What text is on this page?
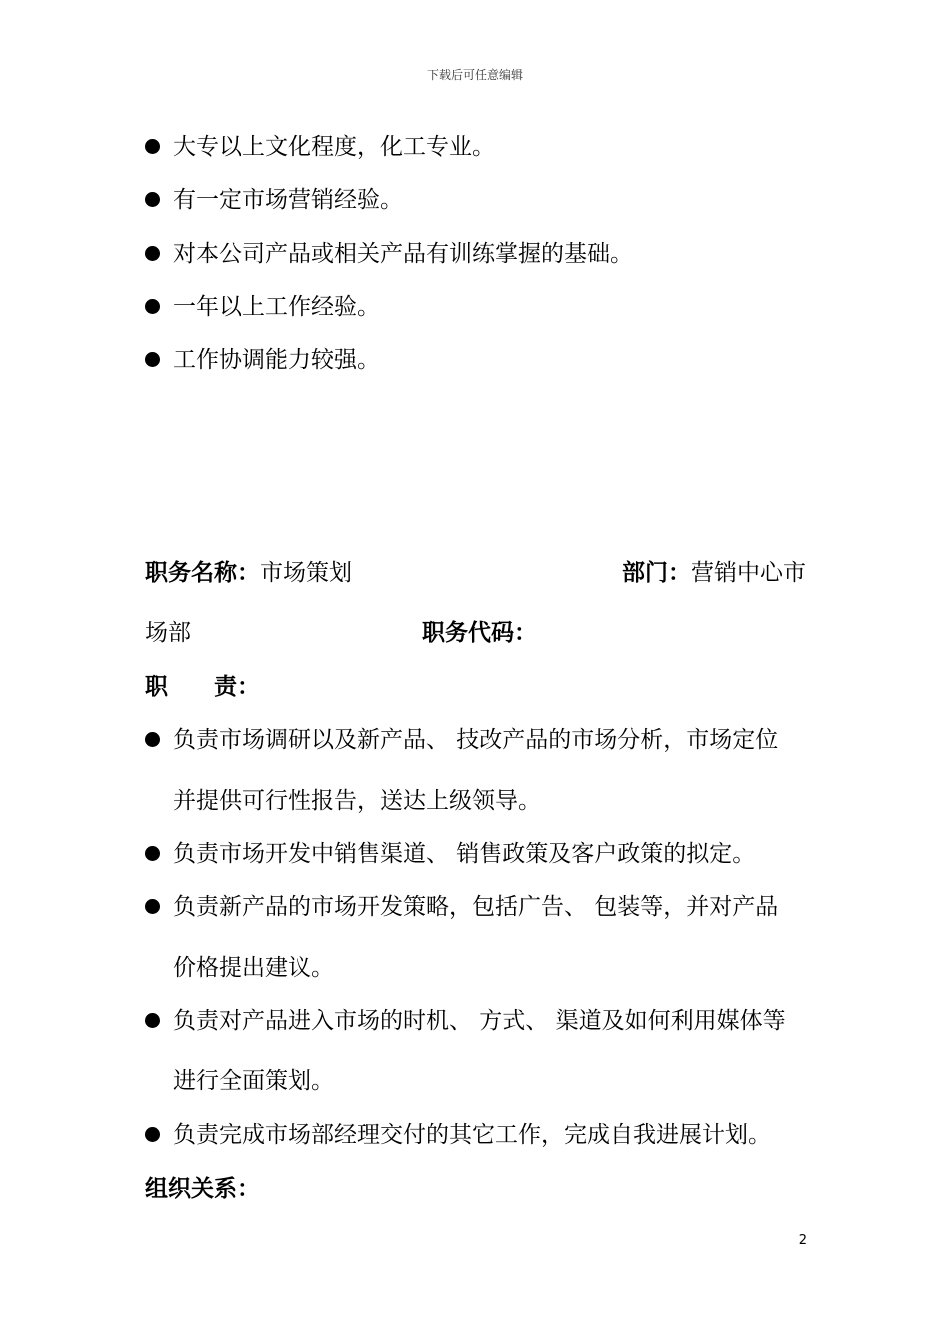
下载后可任意编辑
大专以上文化程度，化工专业。
有一定市场营销经验。
对本公司产品或相关产品有训练掌握的基础。
一年以上工作经验。
工作协调能力较强。
职务名称：市场策划	部门：营销中心市
场部	职务代码：
职　　责：
负责市场调研以及新产品、 技改产品的市场分析，市场定位
并提供可行性报告，送达上级领导。
负责市场开发中销售渠道、 销售政策及客户政策的拟定。
负责新产品的市场开发策略，包括广告、 包装等，并对产品
价格提出建议。
负责对产品进入市场的时机、 方式、 渠道及如何利用媒体等
进行全面策划。
负责完成市场部经理交付的其它工作，完成自我进展计划。
组织关系：
2
